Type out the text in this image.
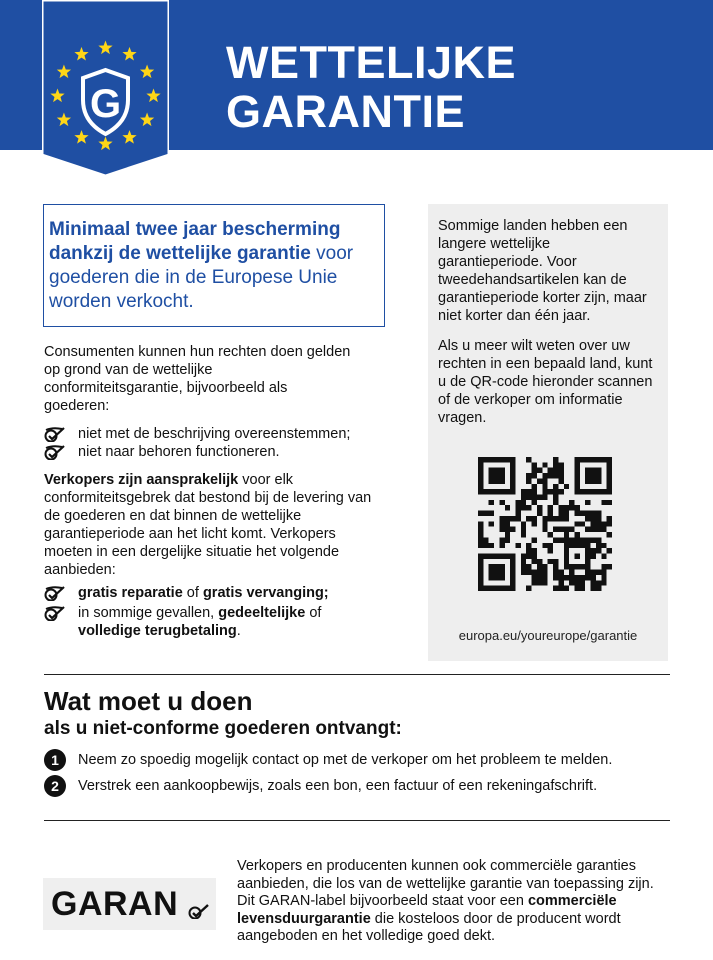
G
WETTELIJKE
GARANTIE
Minimaal twee jaar bescherming dankzij de wettelijke garantie voor goederen die in de Europese Unie worden verkocht.

Consumenten kunnen hun rechten doen gelden op grond van de wettelijke conformiteitsgarantie, bijvoorbeeld als goederen:

niet met de beschrijving overeenstemmen;
niet naar behoren functioneren.

Verkopers zijn aansprakelijk voor elk conformiteitsgebrek dat bestond bij de levering van de goederen en dat binnen de wettelijke garantieperiode aan het licht komt. Verkopers moeten in een dergelijke situatie het volgende aanbieden:

gratis reparatie of gratis vervanging;
in sommige gevallen, gedeeltelijke of
volledige terugbetaling.

Sommige landen hebben een langere wettelijke garantieperiode. Voor tweedehandsartikelen kan de garantieperiode korter zijn, maar niet korter dan één jaar.

Als u meer wilt weten over uw rechten in een bepaald land, kunt u de QR-code hieronder scannen of de verkoper om informatie vragen.

europa.eu/youreurope/garantie
Wat moet u doen
als u niet-conforme goederen ontvangt:
1	Neem zo spoedig mogelijk contact op met de verkoper om het probleem te melden.
2	Verstrek een aankoopbewijs, zoals een bon, een factuur of een rekeningafschrift.
GARAN

Verkopers en producenten kunnen ook commerciële garanties aanbieden, die los van de wettelijke garantie van toepassing zijn. Dit GARAN-label bijvoorbeeld staat voor een commerciële levensduurgarantie die kosteloos door de producent wordt aangeboden en het volledige goed dekt.
